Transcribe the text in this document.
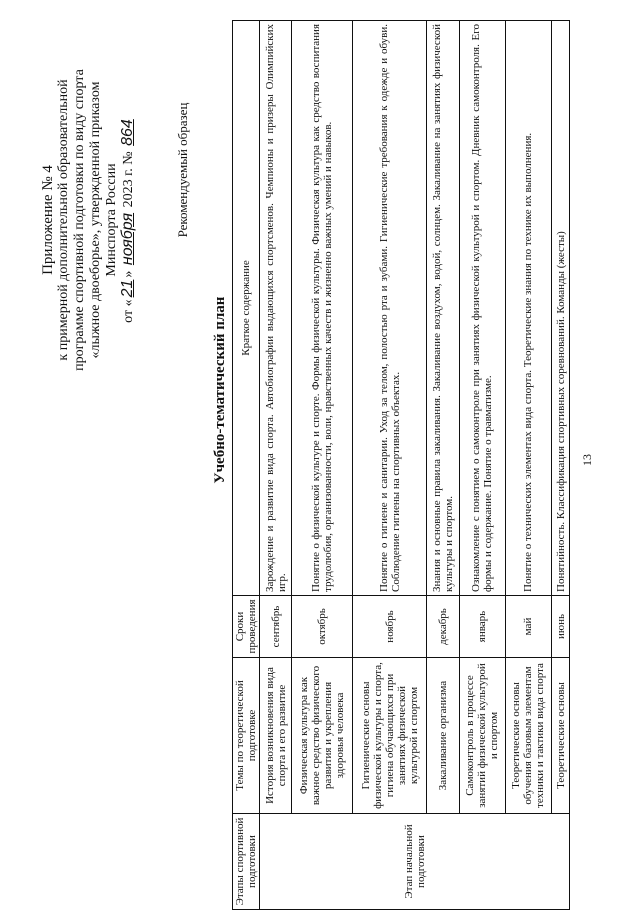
13
Приложение № 4 к примерной дополнительной образовательной программе спортивной подготовки по виду спорта «лыжное двоеборье», утвержденной приказом Минспорта России
от «21» ноября 2023 г. № 864	Рекомендуемый образец
Учебно-тематический план
Этапы спортивной подготовки	Темы по теоретической подготовке	Сроки проведения	Краткое содержание
Этап начальной подготовки	История возникновения вида спорта и его развитие	сентябрь	Зарождение и развитие вида спорта. Автобиографии выдающихся спортсменов. Чемпионы и призеры Олимпийских игр.
	Физическая культура как важное средство физического развития и укрепления здоровья человека	октябрь	Понятие о физической культуре и спорте. Формы физической культуры. Физическая культура как средство воспитания трудолюбия, организованности, воли, нравственных качеств и жизненно важных умений и навыков.
	Гигиенические основы физической культуры и спорта, гигиена обучающихся при занятиях физической культурой и спортом	ноябрь	Понятие о гигиене и санитарии. Уход за телом, полостью рта и зубами. Гигиенические требования к одежде и обуви. Соблюдение гигиены на спортивных объектах.
	Закаливание организма	декабрь	Знания и основные правила закаливания. Закаливание воздухом, водой, солнцем. Закаливание на занятиях физической культуры и спортом.
	Самоконтроль в процессе занятий физической культурой и спортом	январь	Ознакомление с понятием о самоконтроле при занятиях физической культурой и спортом. Дневник самоконтроля. Его формы и содержание. Понятие о травматизме.
	Теоретические основы обучения базовым элементам техники и тактики вида спорта	май	Понятие о технических элементах вида спорта. Теоретические знания по технике их выполнения.
	Теоретические основы	июнь	Понятийность. Классификация спортивных соревнований. Команды (жесты)
